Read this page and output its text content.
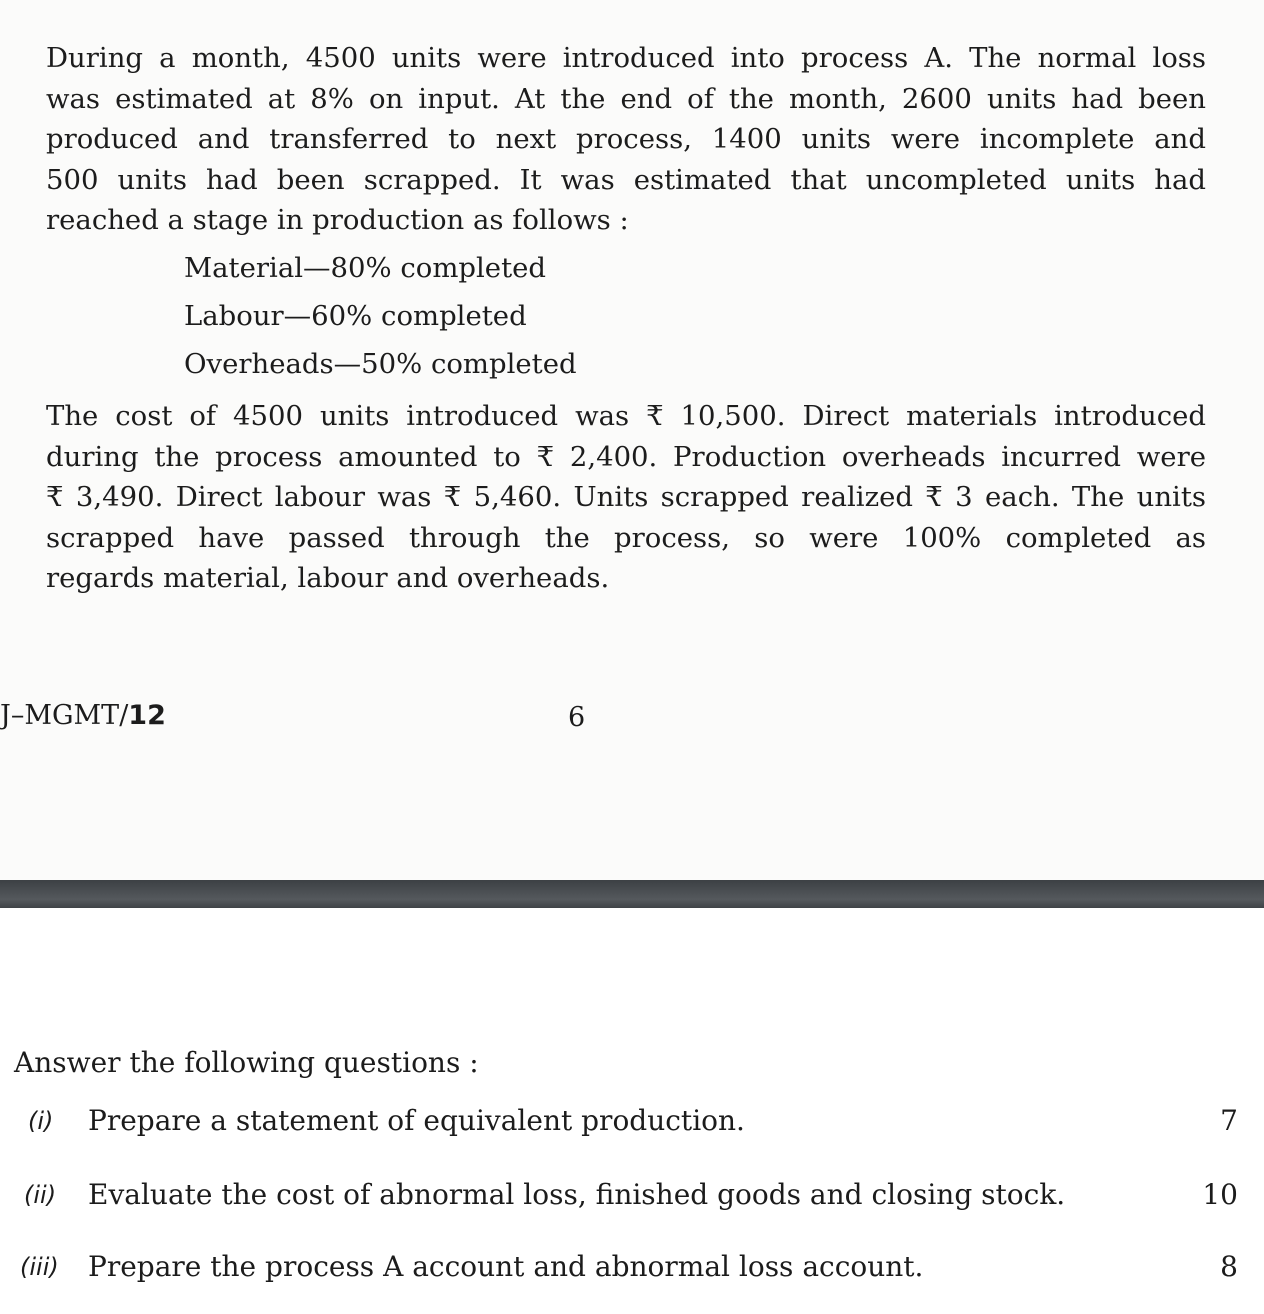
During a month, 4500 units were introduced into process A. The normal loss
was estimated at 8% on input. At the end of the month, 2600 units had been
produced and transferred to next process, 1400 units were incomplete and
500 units had been scrapped. It was estimated that uncompleted units had
reached a stage in production as follows :
Material—80% completed
Labour—60% completed
Overheads—50% completed
The cost of 4500 units introduced was ₹ 10,500. Direct materials introduced
during the process amounted to ₹ 2,400. Production overheads incurred were
₹ 3,490. Direct labour was ₹ 5,460. Units scrapped realized ₹ 3 each. The units
scrapped have passed through the process, so were 100% completed as
regards material, labour and overheads.
J–MGMT/12	6
Answer the following questions :
(i) Prepare a statement of equivalent production.	7
(ii) Evaluate the cost of abnormal loss, finished goods and closing stock.	10
(iii) Prepare the process A account and abnormal loss account.	8
